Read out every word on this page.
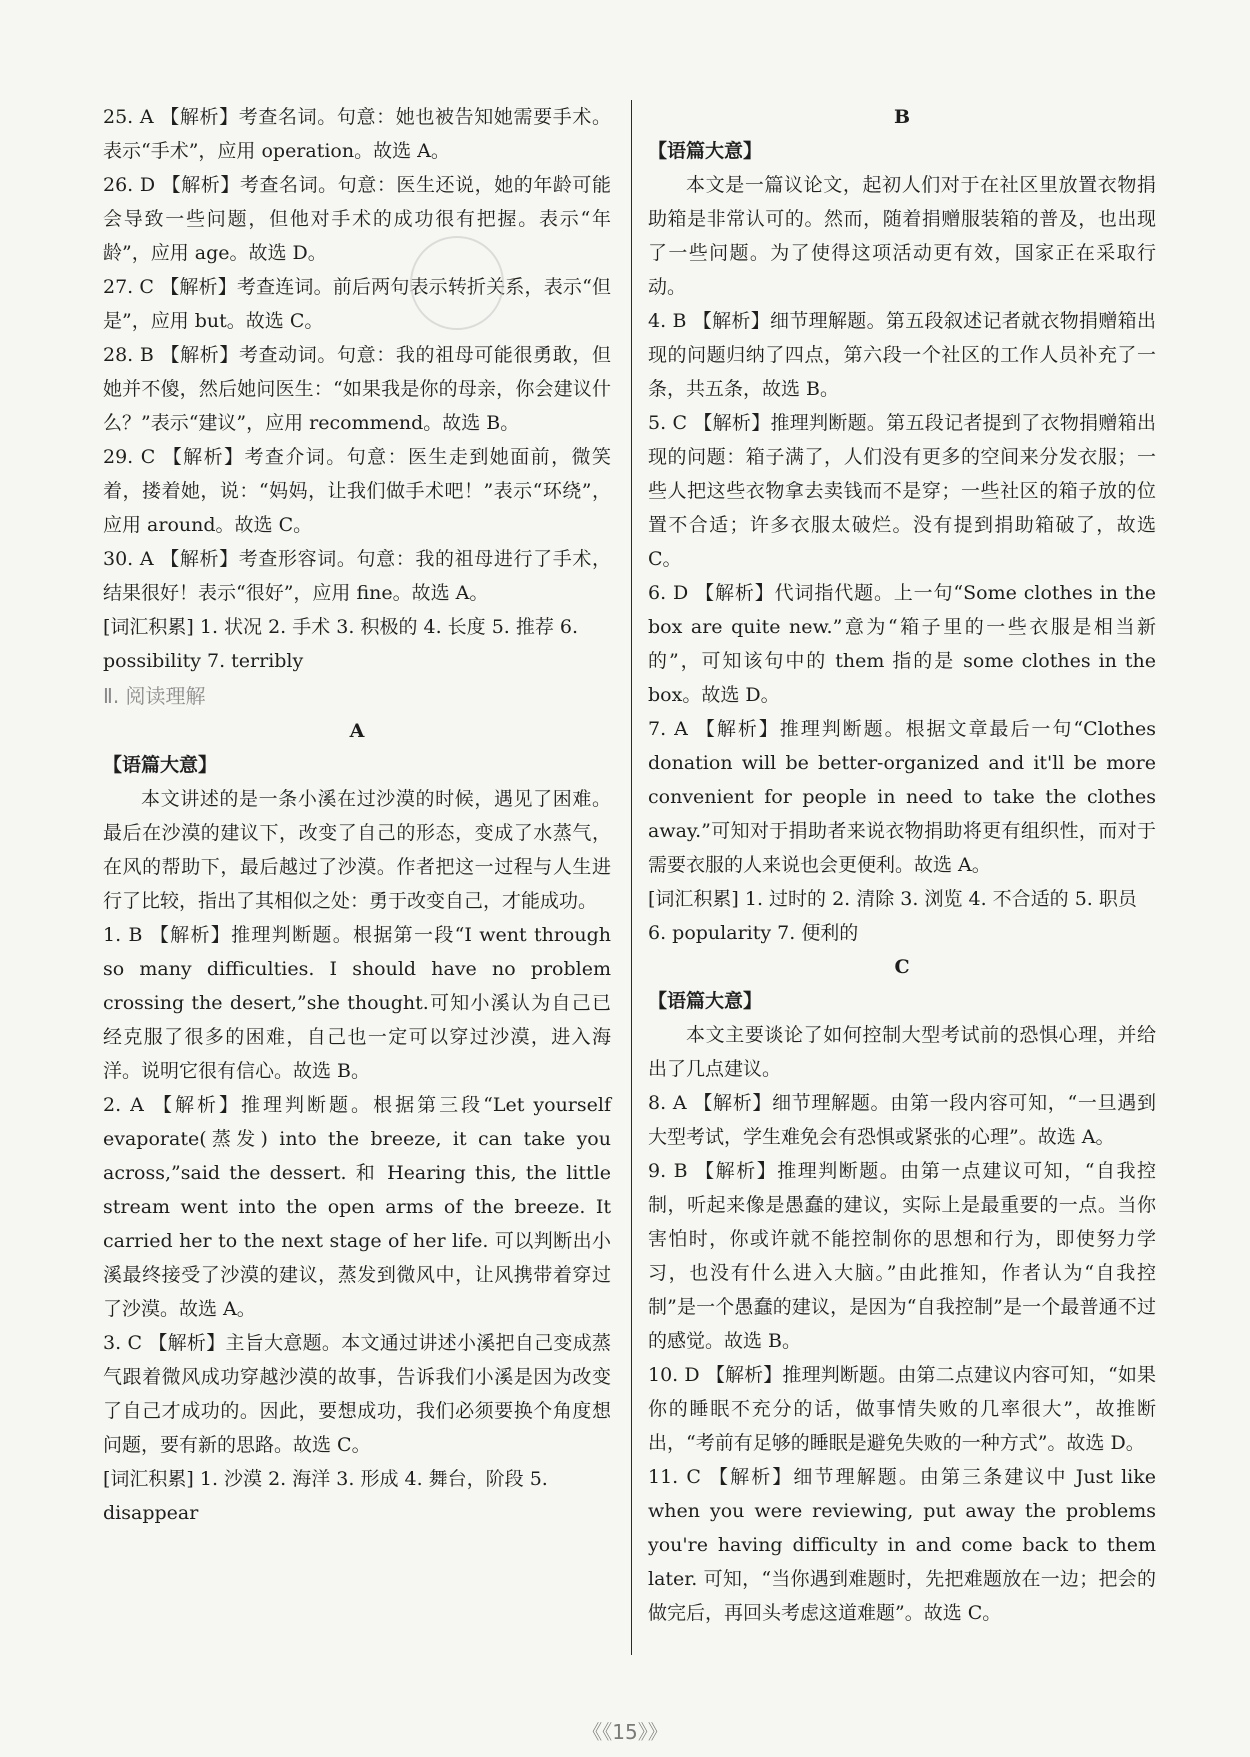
25. A 【解析】考查名词。句意：她也被告知她需要手术。表示“手术”，应用 operation。故选 A。

26. D 【解析】考查名词。句意：医生还说，她的年龄可能会导致一些问题，但他对手术的成功很有把握。表示“年龄”，应用 age。故选 D。

27. C 【解析】考查连词。前后两句表示转折关系，表示“但是”，应用 but。故选 C。

28. B 【解析】考查动词。句意：我的祖母可能很勇敢，但她并不傻，然后她问医生：“如果我是你的母亲，你会建议什么？”表示“建议”，应用 recommend。故选 B。

29. C 【解析】考查介词。句意：医生走到她面前，微笑着，搂着她，说：“妈妈，让我们做手术吧！”表示“环绕”，应用 around。故选 C。

30. A 【解析】考查形容词。句意：我的祖母进行了手术，结果很好！表示“很好”，应用 fine。故选 A。

[词汇积累] 1. 状况 2. 手术 3. 积极的 4. 长度 5. 推荐 6. possibility 7. terribly

Ⅱ. 阅读理解

A

【语篇大意】

本文讲述的是一条小溪在过沙漠的时候，遇见了困难。最后在沙漠的建议下，改变了自己的形态，变成了水蒸气，在风的帮助下，最后越过了沙漠。作者把这一过程与人生进行了比较，指出了其相似之处：勇于改变自己，才能成功。

1. B 【解析】推理判断题。根据第一段“I went through so many difficulties. I should have no problem crossing the desert,”she thought.可知小溪认为自己已经克服了很多的困难，自己也一定可以穿过沙漠，进入海洋。说明它很有信心。故选 B。

2. A 【解析】推理判断题。根据第三段“Let yourself evaporate(蒸发) into the breeze, it can take you across,”said the dessert. 和 Hearing this, the little stream went into the open arms of the breeze. It carried her to the next stage of her life. 可以判断出小溪最终接受了沙漠的建议，蒸发到微风中，让风携带着穿过了沙漠。故选 A。

3. C 【解析】主旨大意题。本文通过讲述小溪把自己变成蒸气跟着微风成功穿越沙漠的故事，告诉我们小溪是因为改变了自己才成功的。因此，要想成功，我们必须要换个角度想问题，要有新的思路。故选 C。

[词汇积累] 1. 沙漠 2. 海洋 3. 形成 4. 舞台，阶段 5. disappear

B

【语篇大意】

本文是一篇议论文，起初人们对于在社区里放置衣物捐助箱是非常认可的。然而，随着捐赠服装箱的普及，也出现了一些问题。为了使得这项活动更有效，国家正在采取行动。

4. B 【解析】细节理解题。第五段叙述记者就衣物捐赠箱出现的问题归纳了四点，第六段一个社区的工作人员补充了一条，共五条，故选 B。

5. C 【解析】推理判断题。第五段记者提到了衣物捐赠箱出现的问题：箱子满了，人们没有更多的空间来分发衣服；一些人把这些衣物拿去卖钱而不是穿；一些社区的箱子放的位置不合适；许多衣服太破烂。没有提到捐助箱破了，故选 C。

6. D 【解析】代词指代题。上一句“Some clothes in the box are quite new.”意为“箱子里的一些衣服是相当新的”，可知该句中的 them 指的是 some clothes in the box。故选 D。

7. A 【解析】推理判断题。根据文章最后一句“Clothes donation will be better-organized and it'll be more convenient for people in need to take the clothes away.”可知对于捐助者来说衣物捐助将更有组织性，而对于需要衣服的人来说也会更便利。故选 A。

[词汇积累] 1. 过时的 2. 清除 3. 浏览 4. 不合适的 5. 职员 6. popularity 7. 便利的

C

【语篇大意】

本文主要谈论了如何控制大型考试前的恐惧心理，并给出了几点建议。

8. A 【解析】细节理解题。由第一段内容可知，“一旦遇到大型考试，学生难免会有恐惧或紧张的心理”。故选 A。

9. B 【解析】推理判断题。由第一点建议可知，“自我控制，听起来像是愚蠢的建议，实际上是最重要的一点。当你害怕时，你或许就不能控制你的思想和行为，即使努力学习，也没有什么进入大脑。”由此推知，作者认为“自我控制”是一个愚蠢的建议，是因为“自我控制”是一个最普通不过的感觉。故选 B。

10. D 【解析】推理判断题。由第二点建议内容可知，“如果你的睡眠不充分的话，做事情失败的几率很大”，故推断出，“考前有足够的睡眠是避免失败的一种方式”。故选 D。

11. C 【解析】细节理解题。由第三条建议中 Just like when you were reviewing, put away the problems you're having difficulty in and come back to them later. 可知，“当你遇到难题时，先把难题放在一边；把会的做完后，再回头考虑这道难题”。故选 C。

《《15》》
